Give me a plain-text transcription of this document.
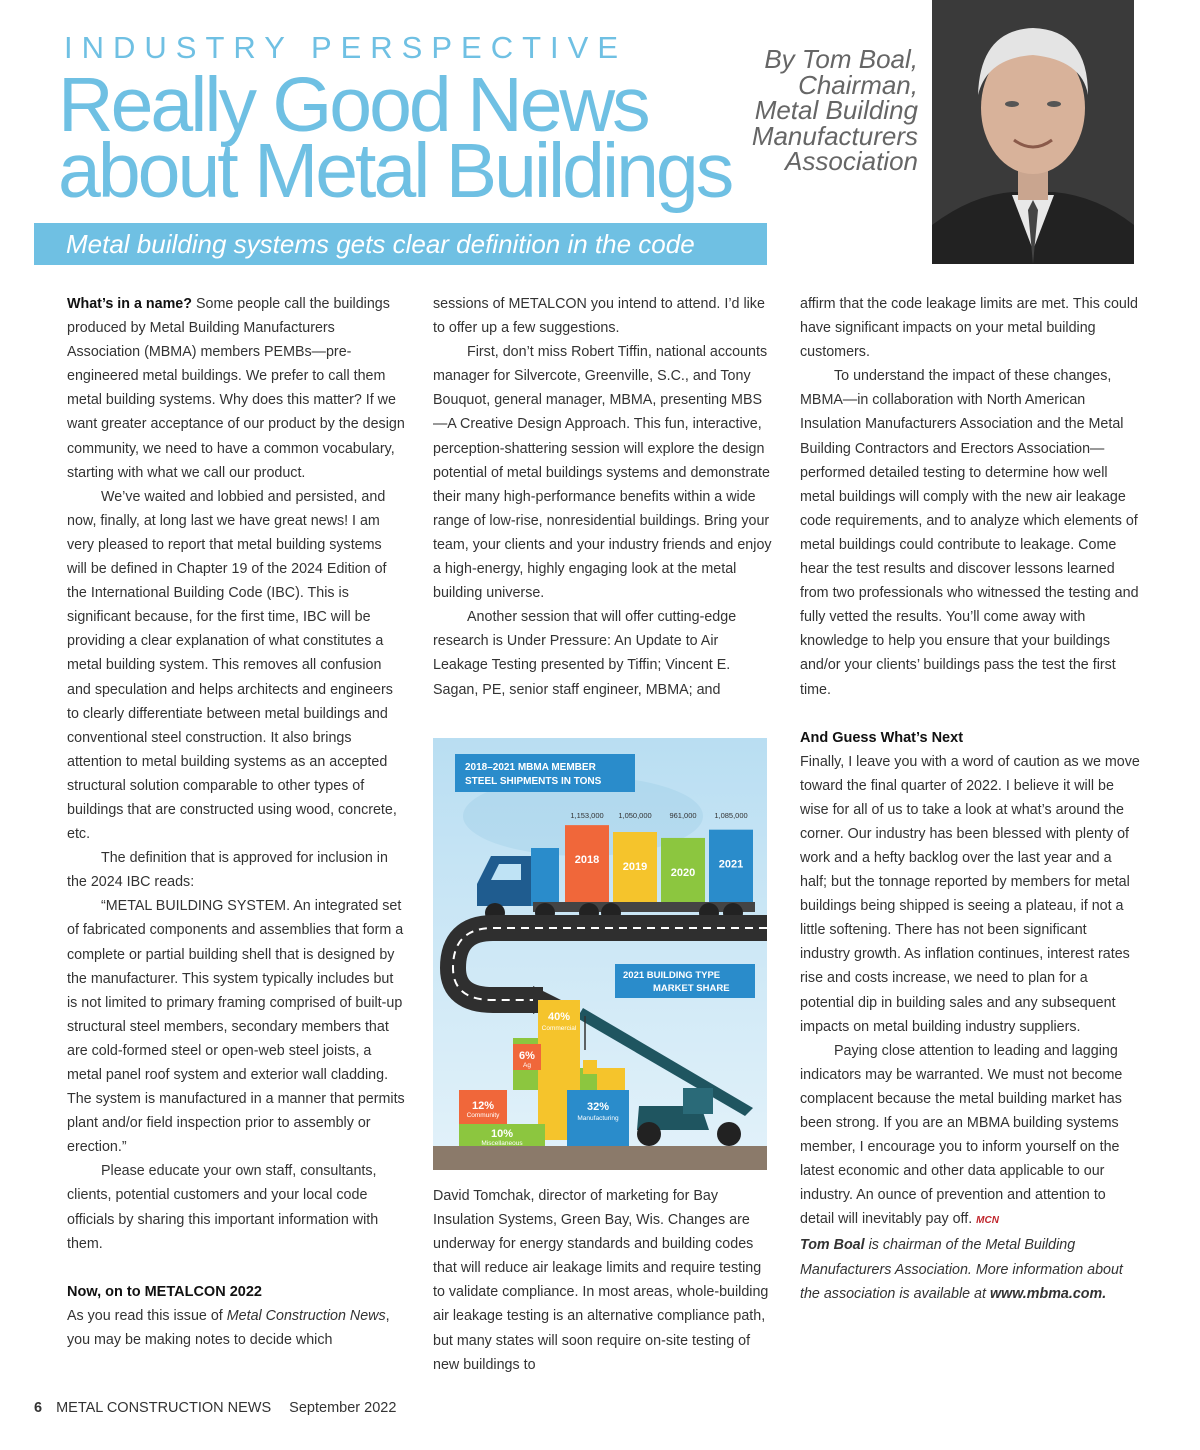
INDUSTRY PERSPECTIVE
Really Good News
about Metal Buildings
By Tom Boal,
Chairman,
Metal Building
Manufacturers
Association
Metal building systems gets clear definition in the code

What’s in a name? Some people call the buildings produced by Metal Building Manufacturers Association (MBMA) members PEMBs—pre-engineered metal buildings. We prefer to call them metal building systems. Why does this matter? If we want greater acceptance of our product by the design community, we need to have a common vocabulary, starting with what we call our product.

We’ve waited and lobbied and persisted, and now, finally, at long last we have great news! I am very pleased to report that metal building systems will be defined in Chapter 19 of the 2024 Edition of the International Building Code (IBC). This is significant because, for the first time, IBC will be providing a clear explanation of what constitutes a metal building system. This removes all confusion and speculation and helps architects and engineers to clearly differentiate between metal buildings and conventional steel construction. It also brings attention to metal building systems as an accepted structural solution comparable to other types of buildings that are constructed using wood, concrete, etc.

The definition that is approved for inclusion in the 2024 IBC reads:

“METAL BUILDING SYSTEM. An integrated set of fabricated components and assemblies that form a complete or partial building shell that is designed by the manufacturer. This system typically includes but is not limited to primary framing comprised of built-up structural steel members, secondary members that are cold-formed steel or open-web steel joists, a metal panel roof system and exterior wall cladding. The system is manufactured in a manner that permits plant and/or field inspection prior to assembly or erection.”

Please educate your own staff, consultants, clients, potential customers and your local code officials by sharing this important information with them.

Now, on to METALCON 2022

As you read this issue of Metal Construction News, you may be making notes to decide which

sessions of METALCON you intend to attend. I’d like to offer up a few suggestions.

First, don’t miss Robert Tiffin, national accounts manager for Silvercote, Greenville, S.C., and Tony Bouquot, general manager, MBMA, presenting MBS—A Creative Design Approach. This fun, interactive, perception-shattering session will explore the design potential of metal buildings systems and demonstrate their many high-performance benefits within a wide range of low-rise, nonresidential buildings. Bring your team, your clients and your industry friends and enjoy a high-energy, highly engaging look at the metal building universe.

Another session that will offer cutting-edge research is Under Pressure: An Update to Air Leakage Testing presented by Tiffin; Vincent E. Sagan, PE, senior staff engineer, MBMA; and

2018–2021 MBMA MEMBER
STEEL SHIPMENTS IN TONS
2018
1,153,000
2019
1,050,000
2020
961,000
2021
1,085,000
2021 BUILDING TYPE
MARKET SHARE
40%
Commercial
6%
Ag
12%
Community
10%
Miscellaneous
32%
Manufacturing

David Tomchak, director of marketing for Bay Insulation Systems, Green Bay, Wis. Changes are underway for energy standards and building codes that will reduce air leakage limits and require testing to validate compliance. In most areas, whole-building air leakage testing is an alternative compliance path, but many states will soon require on-site testing of new buildings to

affirm that the code leakage limits are met. This could have significant impacts on your metal building customers.

To understand the impact of these changes, MBMA—in collaboration with North American Insulation Manufacturers Association and the Metal Building Contractors and Erectors Association—performed detailed testing to determine how well metal buildings will comply with the new air leakage code requirements, and to analyze which elements of metal buildings could contribute to leakage. Come hear the test results and discover lessons learned from two professionals who witnessed the testing and fully vetted the results. You’ll come away with knowledge to help you ensure that your buildings and/or your clients’ buildings pass the test the first time.

And Guess What’s Next

Finally, I leave you with a word of caution as we move toward the final quarter of 2022. I believe it will be wise for all of us to take a look at what’s around the corner. Our industry has been blessed with plenty of work and a hefty backlog over the last year and a half; but the tonnage reported by members for metal buildings being shipped is seeing a plateau, if not a little softening. There has not been significant industry growth. As inflation continues, interest rates rise and costs increase, we need to plan for a potential dip in building sales and any subsequent impacts on metal building industry suppliers.

Paying close attention to leading and lagging indicators may be warranted. We must not become complacent because the metal building market has been strong. If you are an MBMA building systems member, I encourage you to inform yourself on the latest economic and other data applicable to our industry. An ounce of prevention and attention to detail will inevitably pay off. MCN

Tom Boal is chairman of the Metal Building Manufacturers Association. More information about the association is available at www.mbma.com.

6 METAL CONSTRUCTION NEWS September 2022
